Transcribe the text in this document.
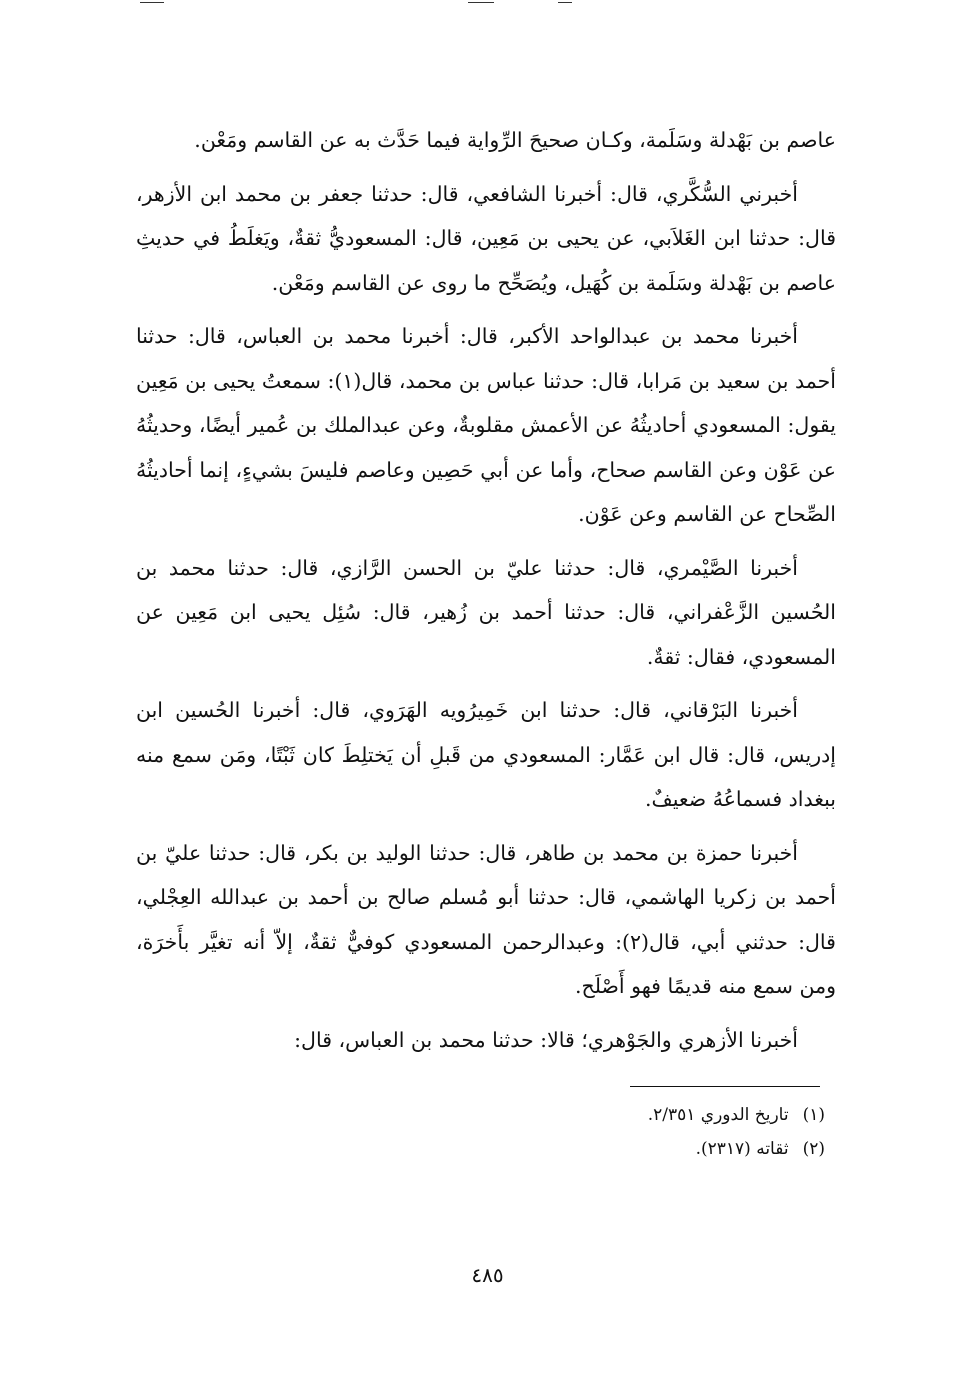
عاصم بن بَهْدلة وسَلَمة، وكـان صحيحَ الرِّواية فيما حَدَّث به عن القاسم ومَعْن.

أخبرني السُّكَّري، قال: أخبرنا الشافعي، قال: حدثنا جعفر بن محمد ابن الأزهر، قال: حدثنا ابن الغَلاَبي، عن يحيى بن مَعِين، قال: المسعوديُّ ثقةٌ، ويَغلَطُ في حديثِ عاصم بن بَهْدلة وسَلَمة بن كُهَيل، ويُصَحِّح ما روى عن القاسم ومَعْن.

أخبرنا محمد بن عبدالواحد الأكبر، قال: أخبرنا محمد بن العباس، قال: حدثنا أحمد بن سعيد بن مَرابا، قال: حدثنا عباس بن محمد، قال(١): سمعتُ يحيى بن مَعِين يقول: المسعودي أحاديثُهُ عن الأعمش مقلوبةٌ، وعن عبدالملك بن عُمير أيضًا، وحديثُهُ عن عَوْن وعن القاسم صحاح، وأما عن أبي حَصِين وعاصم فليسَ بشيءٍ، إنما أحاديثُهُ الصِّحاح عن القاسم وعن عَوْن.

أخبرنا الصَّيْمري، قال: حدثنا عليّ بن الحسن الرَّازي، قال: حدثنا محمد بن الحُسين الزَّعْفراني، قال: حدثنا أحمد بن زُهير، قال: سُئِل يحيى ابن مَعِين عن المسعودي، فقال: ثقةٌ.

أخبرنا البَرْقاني، قال: حدثنا ابن خَمِيرُويه الهَرَوي، قال: أخبرنا الحُسين ابن إدريس، قال: قال ابن عَمَّار: المسعودي من قَبلِ أن يَختلِطَ كان ثَبْتًا، ومَن سمع منه ببغداد فسماعُهُ ضعيفٌ.

أخبرنا حمزة بن محمد بن طاهر، قال: حدثنا الوليد بن بكر، قال: حدثنا عليّ بن أحمد بن زكريا الهاشمي، قال: حدثنا أبو مُسلم صالح بن أحمد بن عبدالله العِجْلي، قال: حدثني أبي، قال(٢): وعبدالرحمن المسعودي كوفيٌّ ثقةٌ، إلاّ أنه تغيَّر بأَخرَة، ومن سمع منه قديمًا فهو أَصْلَح.

أخبرنا الأزهري والجَوْهري؛ قالا: حدثنا محمد بن العباس، قال:

(١)تاريخ الدوري ٢/٣٥١.
(٢)ثقاته (٢٣١٧).
٤٨٥
